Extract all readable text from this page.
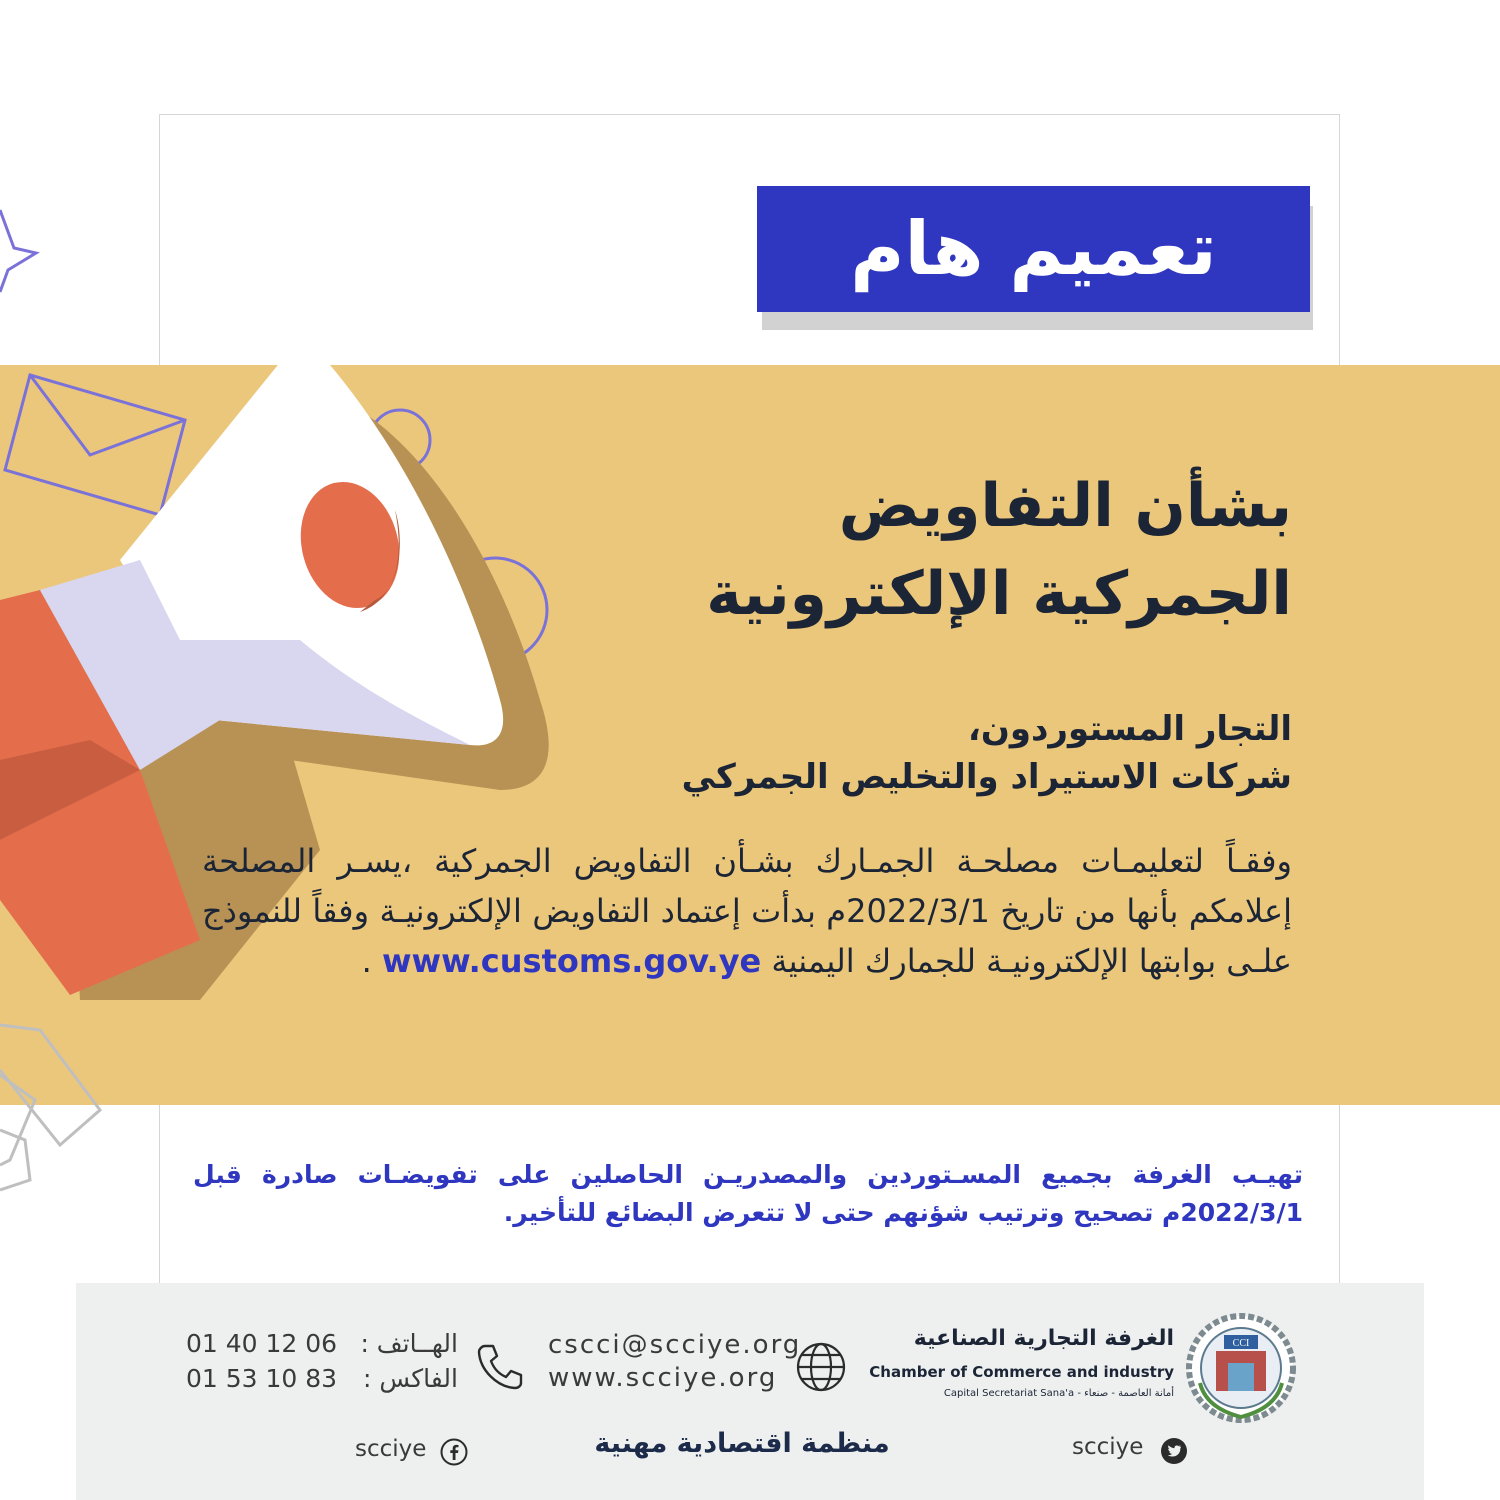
تعميم هام
بشأن التفاويض
الجمركية الإلكترونية
التجار المستوردون،
شركات الاستيراد والتخليص الجمركي
وفقـاً لتعليمـات مصلحـة الجمـارك بشـأن التفاويض الجمركية ،يسـر المصلحة إعلامكم بأنها من تاريخ 2022/3/1م بدأت إعتماد التفاويض الإلكترونيـة وفقاً للنموذج علـى بوابتها الإلكترونيـة للجمارك اليمنية www.customs.gov.ye .
تهيـب الغرفة بجميع المسـتوردين والمصدريـن الحاصلين على تفويضـات صادرة قبل 2022/3/1م تصحيح وترتيب شؤنهم حتى لا تتعرض البضائع للتأخير.
CCI
الغرفة التجارية الصناعية
Chamber of Commerce and industry
أمانة العاصمة - صنعاء - Capital Secretariat Sana'a
cscci@scciye.org
www.scciye.org
الهــاتف :
01 40 12 06
الفاكس :
01 53 10 83
scciye
scciye	منظمة اقتصادية مهنية
